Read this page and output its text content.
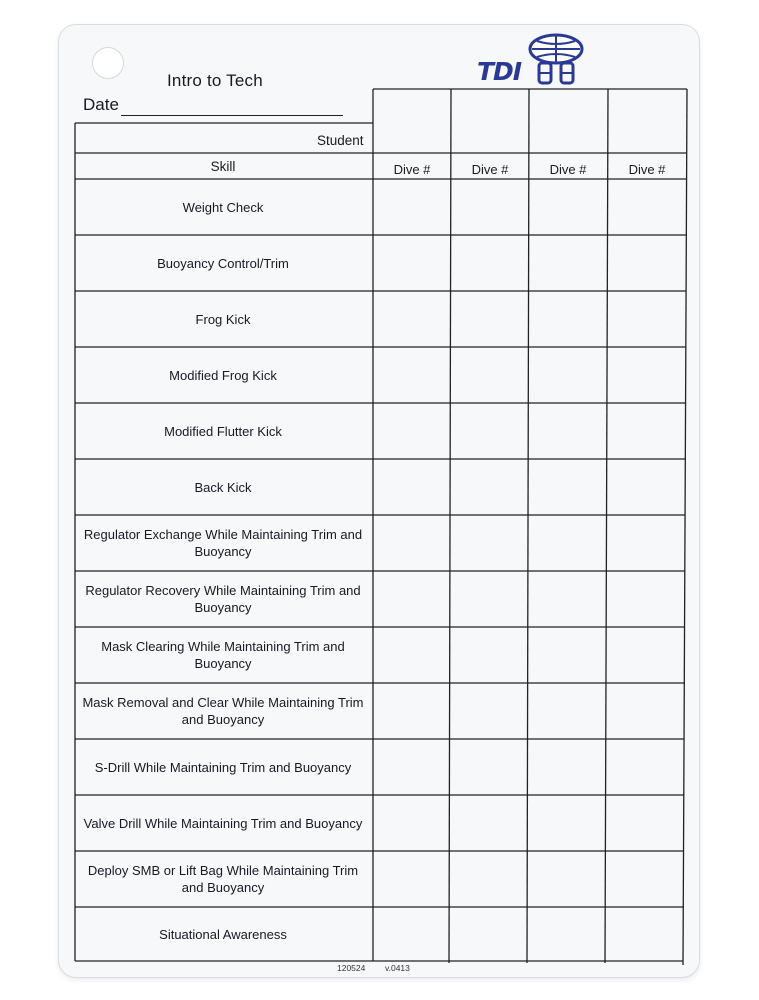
Intro to Tech
Date
TDI
Student
Skill	Dive #	Dive #	Dive #	Dive #
Weight Check
Buoyancy Control/Trim
Frog Kick
Modified Frog Kick
Modified Flutter Kick
Back Kick
Regulator Exchange While Maintaining Trim and Buoyancy
Regulator Recovery While Maintaining Trim and Buoyancy
Mask Clearing While Maintaining Trim and Buoyancy
Mask Removal and Clear While Maintaining Trim and Buoyancy
S-Drill While Maintaining Trim and Buoyancy
Valve Drill While Maintaining Trim and Buoyancy
Deploy SMB or Lift Bag While Maintaining Trim and Buoyancy
Situational Awareness
120524 v.0413
